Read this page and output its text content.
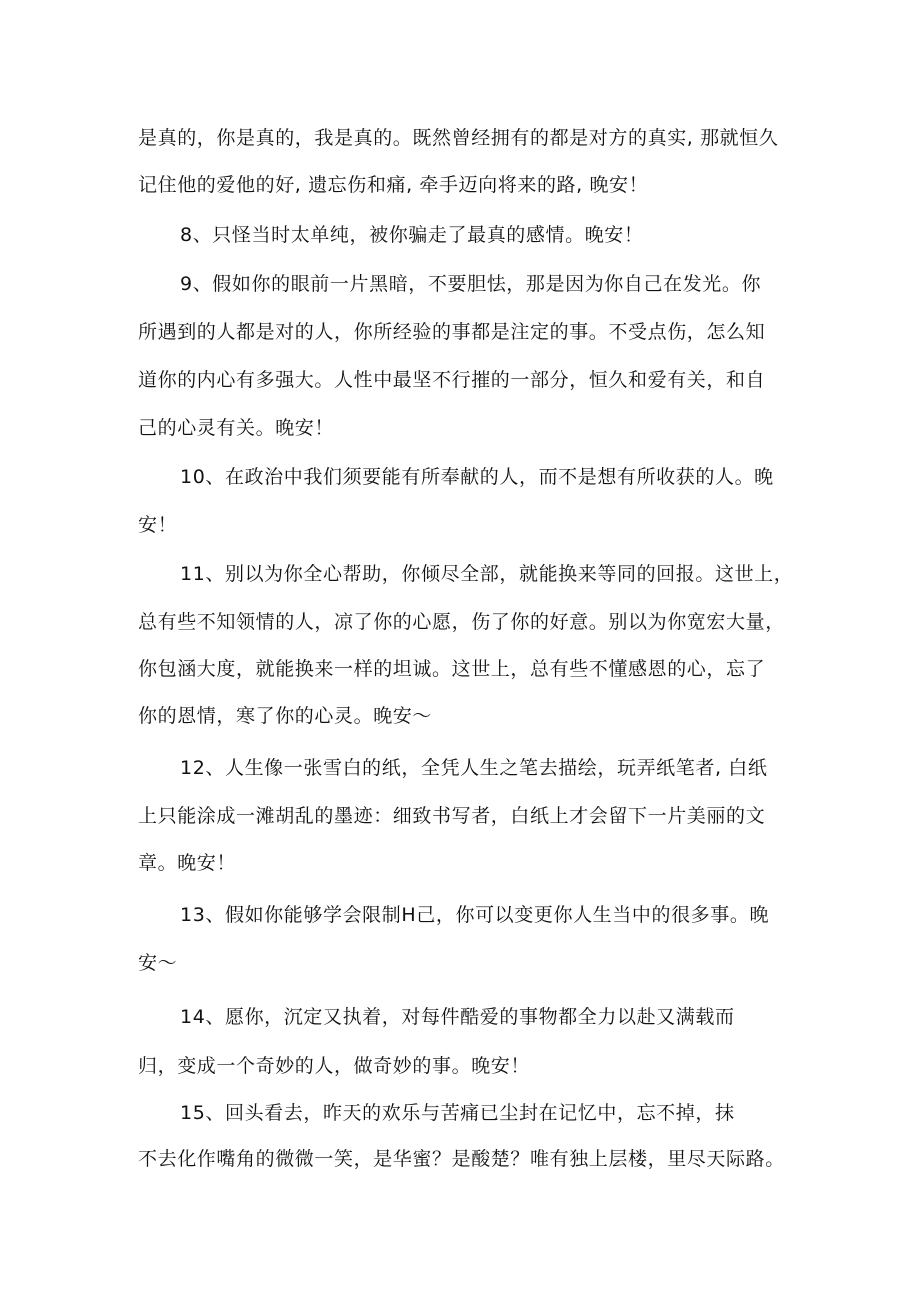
是真的，你是真的，我是真的。既然曾经拥有的都是对方的真实, 那就恒久
记住他的爱他的好, 遗忘伤和痛, 牵手迈向将来的路, 晚安！
8、只怪当时太单纯，被你骗走了最真的感情。晚安！
9、假如你的眼前一片黑暗，不要胆怯，那是因为你自己在发光。你
所遇到的人都是对的人，你所经验的事都是注定的事。不受点伤，怎么知
道你的内心有多强大。人性中最坚不行摧的一部分，恒久和爱有关，和自
己的心灵有关。晚安！
10、在政治中我们须要能有所奉献的人，而不是想有所收获的人。晚
安！
11、别以为你全心帮助，你倾尽全部，就能换来等同的回报。这世上，
总有些不知领情的人，凉了你的心愿，伤了你的好意。别以为你宽宏大量，
你包涵大度，就能换来一样的坦诚。这世上，总有些不懂感恩的心，忘了
你的恩情，寒了你的心灵。晚安～
12、人生像一张雪白的纸，全凭人生之笔去描绘，玩弄纸笔者, 白纸
上只能涂成一滩胡乱的墨迹：细致书写者，白纸上才会留下一片美丽的文
章。晚安！
13、假如你能够学会限制H己，你可以变更你人生当中的很多事。晚
安～
14、愿你，沉定又执着，对每件酷爱的事物都全力以赴又满载而
归，变成一个奇妙的人，做奇妙的事。晚安！
15、回头看去，昨天的欢乐与苦痛已尘封在记忆中，忘不掉，抹
不去化作嘴角的微微一笑，是华蜜？是酸楚？唯有独上层楼，里尽天际路。
